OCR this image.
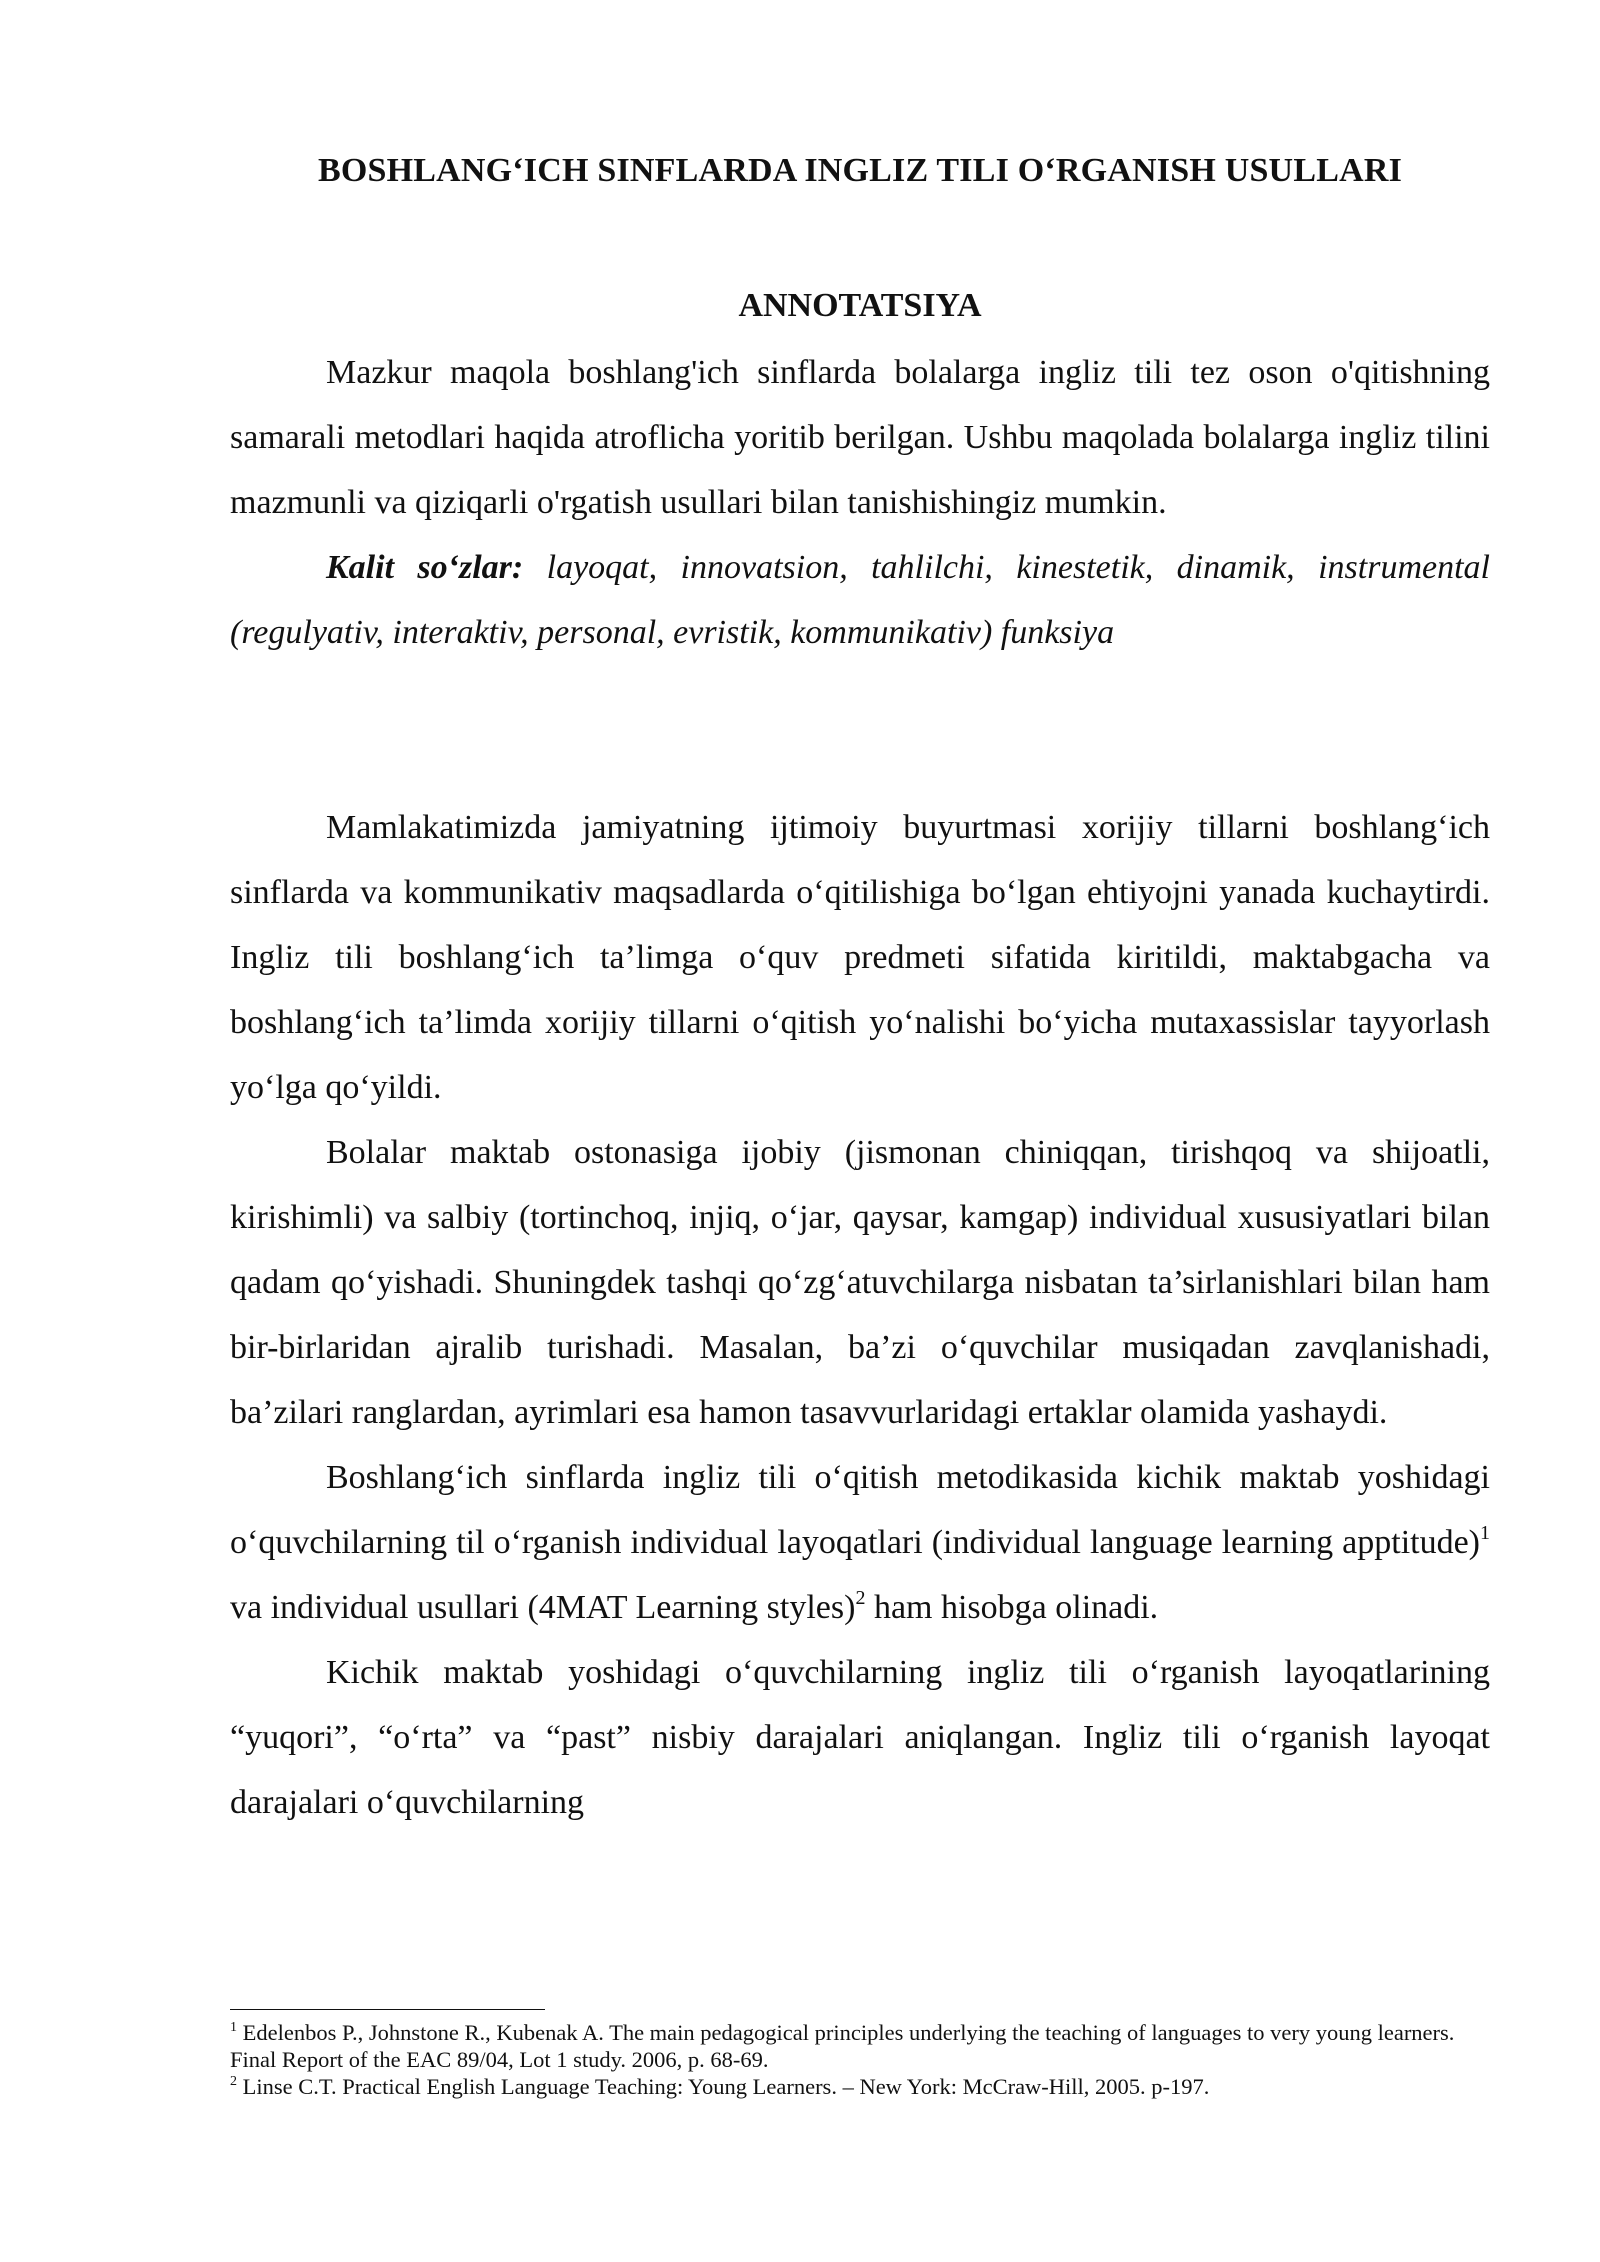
BOSHLANG‘ICH SINFLARDA INGLIZ TILI O‘RGANISH USULLARI
ANNOTATSIYA

Mazkur maqola boshlang'ich sinflarda bolalarga ingliz tili tez oson o'qitishning samarali metodlari haqida atroflicha yoritib berilgan. Ushbu maqolada bolalarga ingliz tilini mazmunli va qiziqarli o'rgatish usullari bilan tanishishingiz mumkin.

Kalit so‘zlar: layoqat, innovatsion, tahlilchi, kinestetik, dinamik, instrumental (regulyativ, interaktiv, personal, evristik, kommunikativ) funksiya

Mamlakatimizda jamiyatning ijtimoiy buyurtmasi xorijiy tillarni boshlang‘ich sinflarda va kommunikativ maqsadlarda o‘qitilishiga bo‘lgan ehtiyojni yanada kuchaytirdi. Ingliz tili boshlang‘ich ta’limga o‘quv predmeti sifatida kiritildi, maktabgacha va boshlang‘ich ta’limda xorijiy tillarni o‘qitish yo‘nalishi bo‘yicha mutaxassislar tayyorlash yo‘lga qo‘yildi.

Bolalar maktab ostonasiga ijobiy (jismonan chiniqqan, tirishqoq va shijoatli, kirishimli) va salbiy (tortinchoq, injiq, o‘jar, qaysar, kamgap) individual xususiyatlari bilan qadam qo‘yishadi. Shuningdek tashqi qo‘zg‘atuvchilarga nisbatan ta’sirlanishlari bilan ham bir-birlaridan ajralib turishadi. Masalan, ba’zi o‘quvchilar musiqadan zavqlanishadi, ba’zilari ranglardan, ayrimlari esa hamon tasavvurlaridagi ertaklar olamida yashaydi.

Boshlang‘ich sinflarda ingliz tili o‘qitish metodikasida kichik maktab yoshidagi o‘quvchilarning til o‘rganish individual layoqatlari (individual language learning apptitude)$^1$ va individual usullari (4MAT Learning styles)$^2$ ham hisobga olinadi.

Kichik maktab yoshidagi o‘quvchilarning ingliz tili o‘rganish layoqatlarining “yuqori”, “o‘rta” va “past” nisbiy darajalari aniqlangan. Ingliz tili o‘rganish layoqat darajalari o‘quvchilarning

$^1$ Edelenbos P., Johnstone R., Kubenak A. The main pedagogical principles underlying the teaching of languages to very young learners. Final Report of the EAC 89/04, Lot 1 study. 2006, p. 68-69.

$^2$ Linse C.T. Practical English Language Teaching: Young Learners. – New York: McCraw-Hill, 2005. p-197.
